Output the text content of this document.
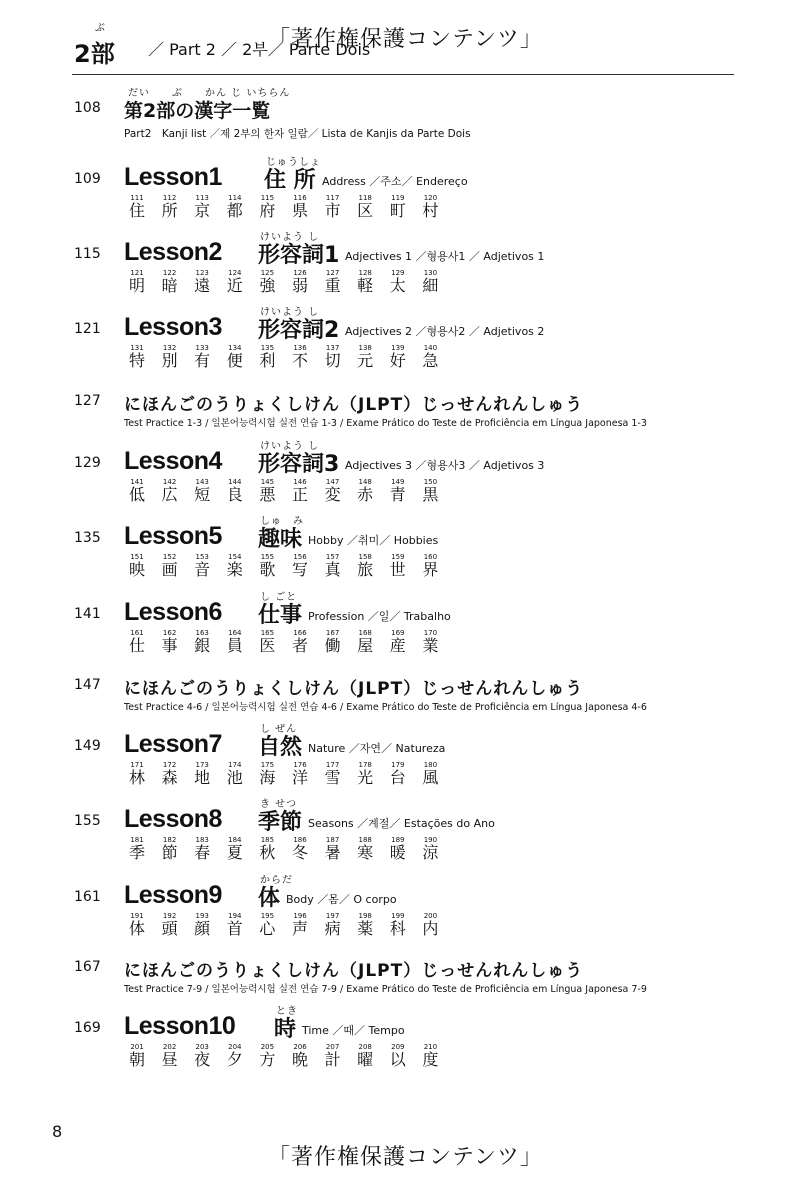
「著作権保護コンテンツ」
ぶ
2部 ／ Part 2 ／ 2부／ Parte Dois
108
だい　　ぶ　　かん じ いちらん
第2部の漢字一覧
Part2　Kanji list ／제 2부의 한자 일람／ Lista de Kanjis da Parte Dois
109 Lesson1
じゅうしょ
住 所 Address ／주소／ Endereço
111
住
112
所
113
京
114
都
115
府
116
県
117
市
118
区
119
町
120
村
115 Lesson2
けいよう し
形容詞1 Adjectives 1 ／형용사1 ／ Adjetivos 1
121
明
122
暗
123
遠
124
近
125
強
126
弱
127
重
128
軽
129
太
130
細
121 Lesson3
けいよう し
形容詞2 Adjectives 2 ／형용사2 ／ Adjetivos 2
131
特
132
別
133
有
134
便
135
利
136
不
137
切
138
元
139
好
140
急
127 にほんごのうりょくしけん（JLPT）じっせんれんしゅう
Test Practice 1-3 / 일본어능력시험 실전 연습 1-3 / Exame Prático do Teste de Proficiência em Língua Japonesa 1-3
129 Lesson4
けいよう し
形容詞3 Adjectives 3 ／형용사3 ／ Adjetivos 3
141
低
142
広
143
短
144
良
145
悪
146
正
147
変
148
赤
149
青
150
黒
135 Lesson5
しゅ　み
趣味 Hobby ／취미／ Hobbies
151
映
152
画
153
音
154
楽
155
歌
156
写
157
真
158
旅
159
世
160
界
141 Lesson6
し ごと
仕事 Profession ／일／ Trabalho
161
仕
162
事
163
銀
164
員
165
医
166
者
167
働
168
屋
169
産
170
業
147 にほんごのうりょくしけん（JLPT）じっせんれんしゅう
Test Practice 4-6 / 일본어능력시험 실전 연습 4-6 / Exame Prático do Teste de Proficiência em Língua Japonesa 4-6
149 Lesson7
し ぜん
自然 Nature ／자연／ Natureza
171
林
172
森
173
地
174
池
175
海
176
洋
177
雪
178
光
179
台
180
風
155 Lesson8
き せつ
季節 Seasons ／계절／ Estações do Ano
181
季
182
節
183
春
184
夏
185
秋
186
冬
187
暑
188
寒
189
暖
190
涼
161 Lesson9
からだ
体 Body ／몸／ O corpo
191
体
192
頭
193
顔
194
首
195
心
196
声
197
病
198
薬
199
科
200
内
167 にほんごのうりょくしけん（JLPT）じっせんれんしゅう
Test Practice 7-9 / 일본어능력시험 실전 연습 7-9 / Exame Prático do Teste de Proficiência em Língua Japonesa 7-9
169 Lesson10
とき
時 Time ／때／ Tempo
201
朝
202
昼
203
夜
204
夕
205
方
206
晩
207
計
208
曜
209
以
210
度
8
「著作権保護コンテンツ」
